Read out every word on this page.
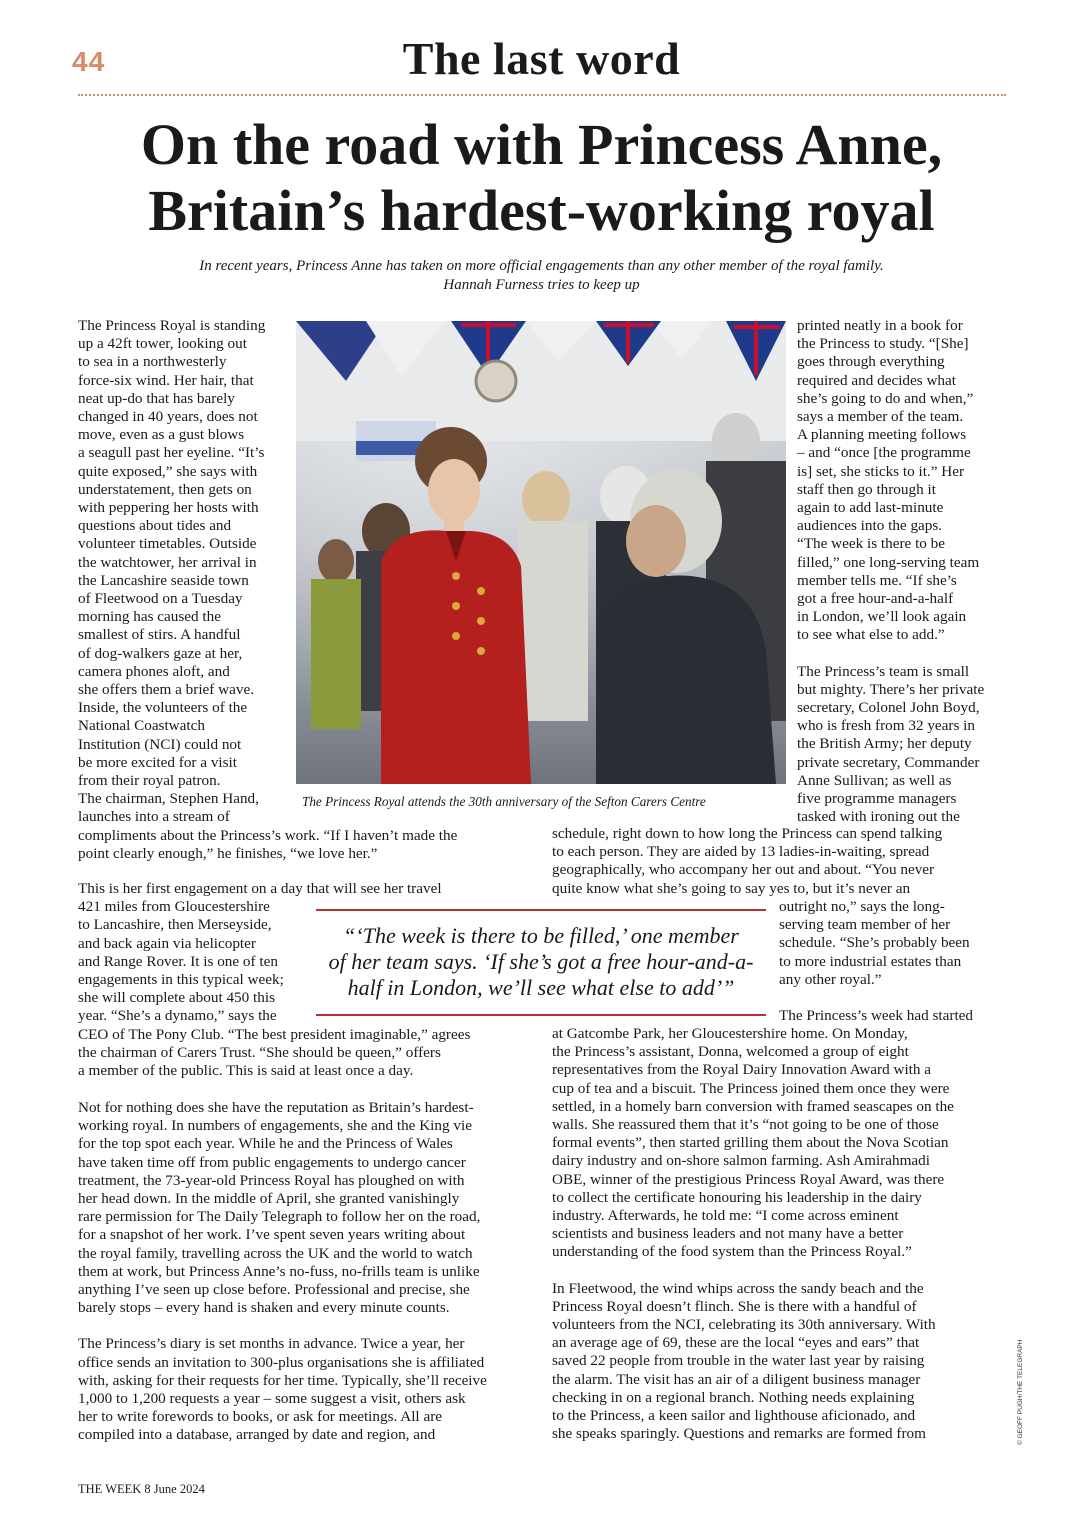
44	The last word
On the road with Princess Anne,
Britain’s hardest-working royal
In recent years, Princess Anne has taken on more official engagements than any other member of the royal family.
Hannah Furness tries to keep up

The Princess Royal is standing

up a 42ft tower, looking out

to sea in a northwesterly

force-six wind. Her hair, that

neat up-do that has barely

changed in 40 years, does not

move, even as a gust blows

a seagull past her eyeline. “It’s

quite exposed,” she says with

understatement, then gets on

with peppering her hosts with

questions about tides and

volunteer timetables. Outside

the watchtower, her arrival in

the Lancashire seaside town

of Fleetwood on a Tuesday

morning has caused the

smallest of stirs. A handful

of dog-walkers gaze at her,

camera phones aloft, and

she offers them a brief wave.

Inside, the volunteers of the

National Coastwatch

Institution (NCI) could not

be more excited for a visit

from their royal patron.

The chairman, Stephen Hand,

launches into a stream of

compliments about the Princess’s work. “If I haven’t made the

point clearly enough,” he finishes, “we love her.”

This is her first engagement on a day that will see her travel

421 miles from Gloucestershire

to Lancashire, then Merseyside,

and back again via helicopter

and Range Rover. It is one of ten

engagements in this typical week;

she will complete about 450 this

year. “She’s a dynamo,” says the

CEO of The Pony Club. “The best president imaginable,” agrees

the chairman of Carers Trust. “She should be queen,” offers

a member of the public. This is said at least once a day.

Not for nothing does she have the reputation as Britain’s hardest-

working royal. In numbers of engagements, she and the King vie

for the top spot each year. While he and the Princess of Wales

have taken time off from public engagements to undergo cancer

treatment, the 73-year-old Princess Royal has ploughed on with

her head down. In the middle of April, she granted vanishingly

rare permission for The Daily Telegraph to follow her on the road,

for a snapshot of her work. I’ve spent seven years writing about

the royal family, travelling across the UK and the world to watch

them at work, but Princess Anne’s no-fuss, no-frills team is unlike

anything I’ve seen up close before. Professional and precise, she

barely stops – every hand is shaken and every minute counts.

The Princess’s diary is set months in advance. Twice a year, her

office sends an invitation to 300-plus organisations she is affiliated

with, asking for their requests for her time. Typically, she’ll receive

1,000 to 1,200 requests a year – some suggest a visit, others ask

her to write forewords to books, or ask for meetings. All are

compiled into a database, arranged by date and region, and

printed neatly in a book for

the Princess to study. “[She]

goes through everything

required and decides what

she’s going to do and when,”

says a member of the team.

A planning meeting follows

– and “once [the programme

is] set, she sticks to it.” Her

staff then go through it

again to add last-minute

audiences into the gaps.

“The week is there to be

filled,” one long-serving team

member tells me. “If she’s

got a free hour-and-a-half

in London, we’ll look again

to see what else to add.”

The Princess’s team is small

but mighty. There’s her private

secretary, Colonel John Boyd,

who is fresh from 32 years in

the British Army; her deputy

private secretary, Commander

Anne Sullivan; as well as

five programme managers

tasked with ironing out the

schedule, right down to how long the Princess can spend talking

to each person. They are aided by 13 ladies-in-waiting, spread

geographically, who accompany her out and about. “You never

quite know what she’s going to say yes to, but it’s never an

outright no,” says the long-

serving team member of her

schedule. “She’s probably been

to more industrial estates than

any other royal.”

The Princess’s week had started

at Gatcombe Park, her Gloucestershire home. On Monday,

the Princess’s assistant, Donna, welcomed a group of eight

representatives from the Royal Dairy Innovation Award with a

cup of tea and a biscuit. The Princess joined them once they were

settled, in a homely barn conversion with framed seascapes on the

walls. She reassured them that it’s “not going to be one of those

formal events”, then started grilling them about the Nova Scotian

dairy industry and on-shore salmon farming. Ash Amirahmadi

OBE, winner of the prestigious Princess Royal Award, was there

to collect the certificate honouring his leadership in the dairy

industry. Afterwards, he told me: “I come across eminent

scientists and business leaders and not many have a better

understanding of the food system than the Princess Royal.”

In Fleetwood, the wind whips across the sandy beach and the

Princess Royal doesn’t flinch. She is there with a handful of

volunteers from the NCI, celebrating its 30th anniversary. With

an average age of 69, these are the local “eyes and ears” that

saved 22 people from trouble in the water last year by raising

the alarm. The visit has an air of a diligent business manager

checking in on a regional branch. Nothing needs explaining

to the Princess, a keen sailor and lighthouse aficionado, and

she speaks sparingly. Questions and remarks are formed from

The Princess Royal attends the 30th anniversary of the Sefton Carers Centre
“‘The week is there to be filled,’ one member
of her team says. ‘If she’s got a free hour-and-a-
half in London, we’ll see what else to add’”
© GEOFF PUGH/THE TELEGRAPH
THE WEEK 8 June 2024
